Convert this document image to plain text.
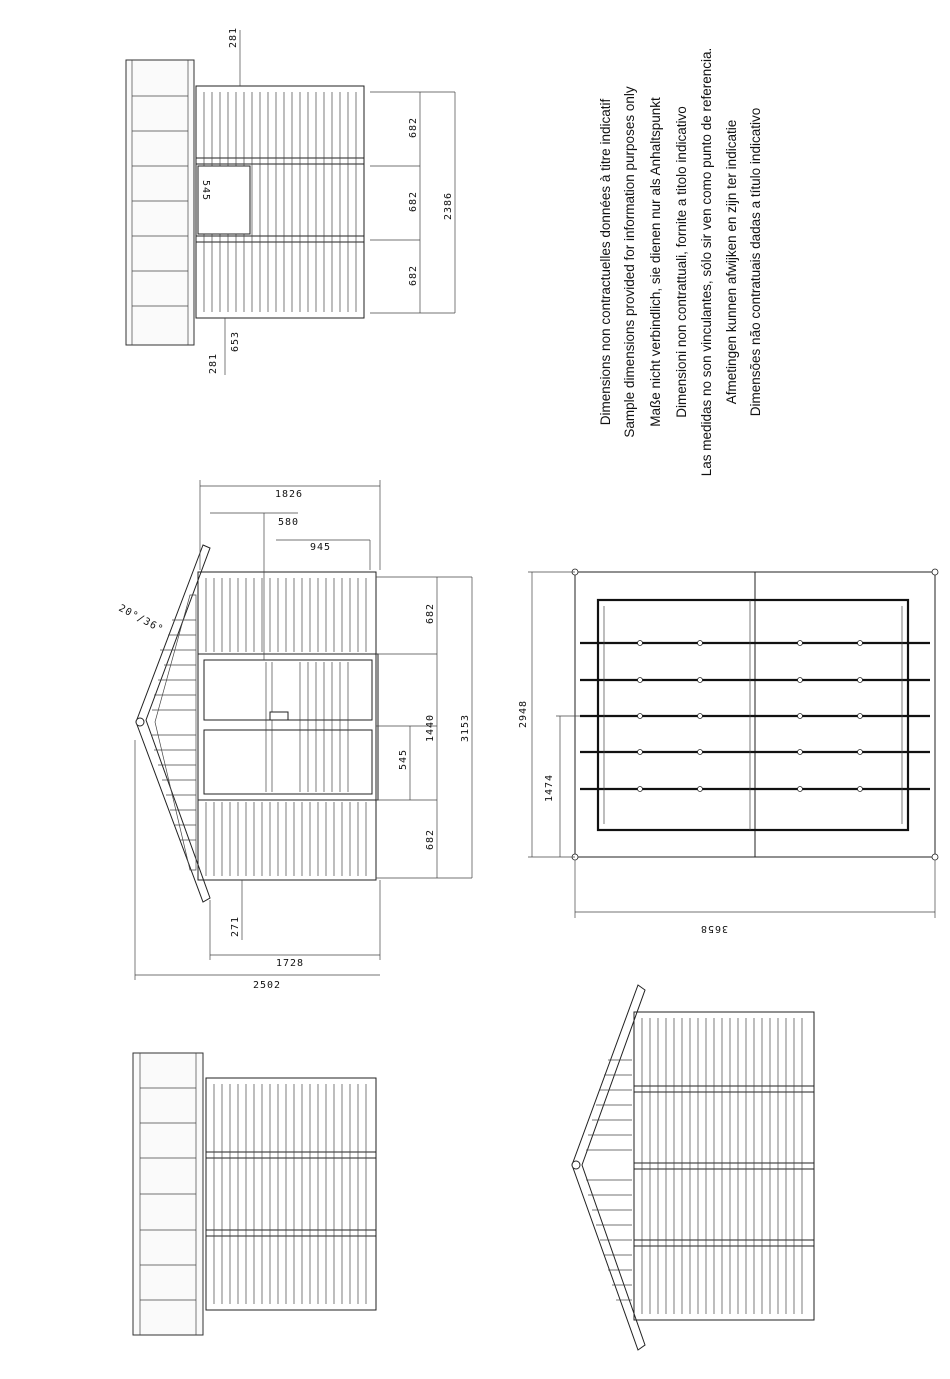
281
281
653
545
682
682
682
2386	Dimensions non contractuelles données à titre indicatif Sample dimensions provided for information purposes only Maße nicht verbindlich, sie dienen nur als Anhaltspunkt Dimensioni non contrattuali, fornite a titolo indicativo Las medidas no son vinculantes, sólo sir ven como punto de referencia. Afmetingen kunnen afwijken en zijn ter indicatie Dimensões não contratuais dadas a título indicativo
20°/36°
1826
580
945
682
1440
545
682
3153
271
1728
2502
2948
1474
3658
